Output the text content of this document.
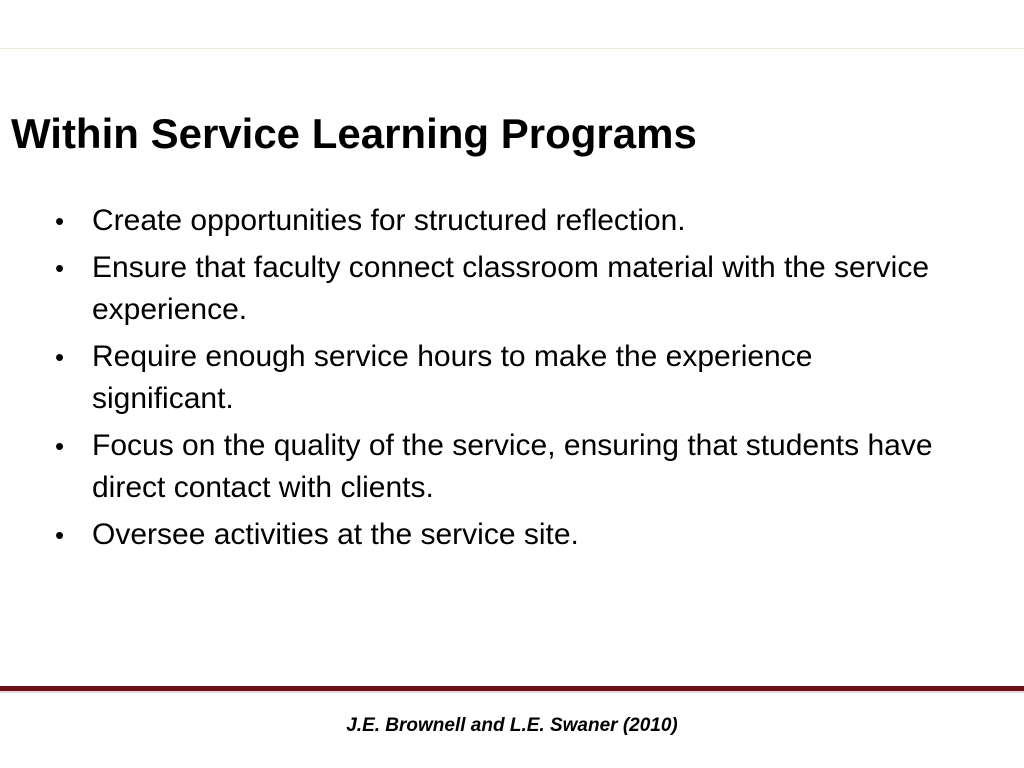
Within Service Learning Programs
• Create opportunities for structured reflection.
• Ensure that faculty connect classroom material with the service experience.
• Require enough service hours to make the experience significant.
• Focus on the quality of the service, ensuring that students have direct contact with clients.
• Oversee activities at the service site.
J.E. Brownell and L.E. Swaner (2010)
